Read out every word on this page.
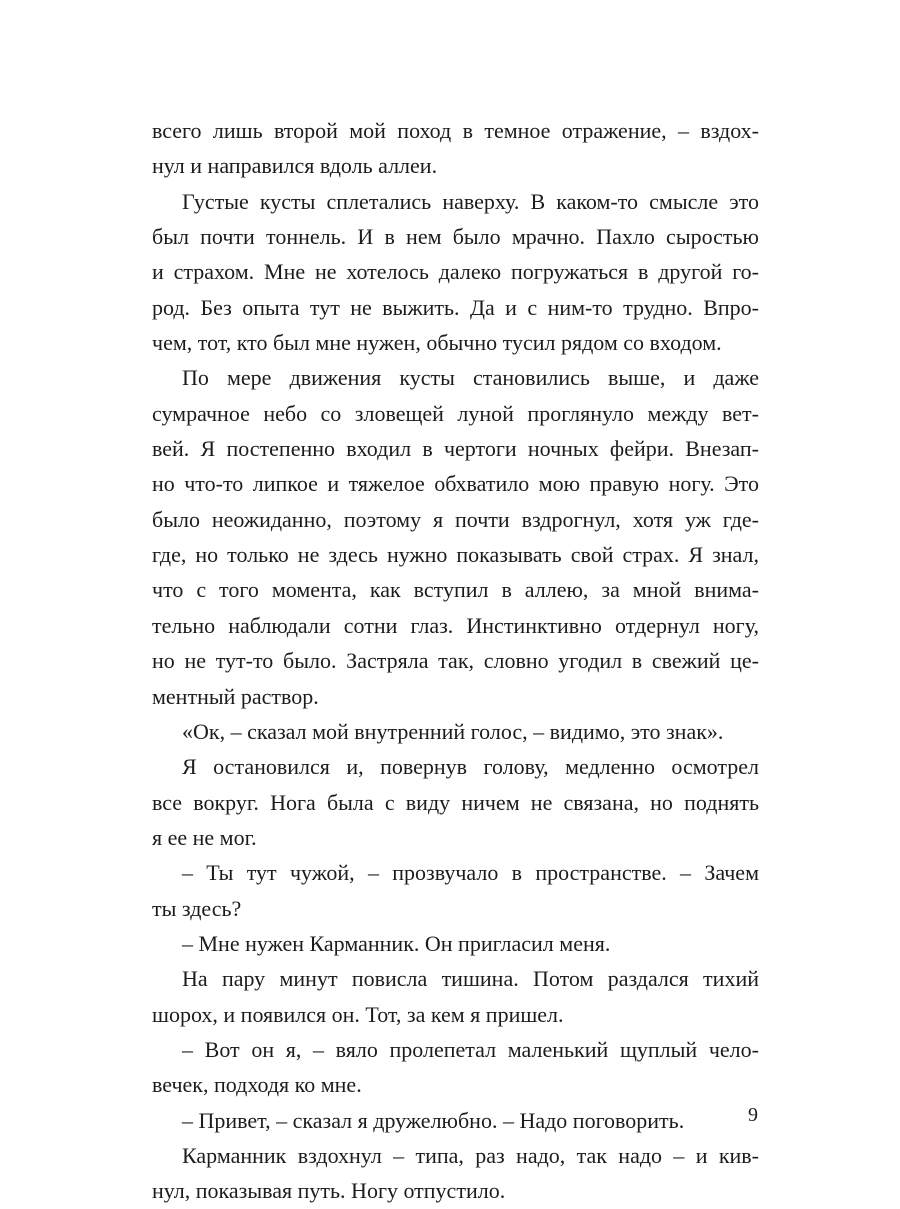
всего лишь второй мой поход в темное отражение, – вздох-
нул и направился вдоль аллеи.
Густые кусты сплетались наверху. В каком-то смысле это
был почти тоннель. И в нем было мрачно. Пахло сыростью
и страхом. Мне не хотелось далеко погружаться в другой го-
род. Без опыта тут не выжить. Да и с ним-то трудно. Впро-
чем, тот, кто был мне нужен, обычно тусил рядом со входом.
По мере движения кусты становились выше, и даже
сумрачное небо со зловещей луной проглянуло между вет-
вей. Я постепенно входил в чертоги ночных фейри. Внезап-
но что-то липкое и тяжелое обхватило мою правую ногу. Это
было неожиданно, поэтому я почти вздрогнул, хотя уж где-
где, но только не здесь нужно показывать свой страх. Я знал,
что с того момента, как вступил в аллею, за мной внима-
тельно наблюдали сотни глаз. Инстинктивно отдернул ногу,
но не тут-то было. Застряла так, словно угодил в свежий це-
ментный раствор.
«Ок, – сказал мой внутренний голос, – видимо, это знак».
Я остановился и, повернув голову, медленно осмотрел
все вокруг. Нога была с виду ничем не связана, но поднять
я ее не мог.
– Ты тут чужой, – прозвучало в пространстве. – Зачем
ты здесь?
– Мне нужен Карманник. Он пригласил меня.
На пару минут повисла тишина. Потом раздался тихий
шорох, и появился он. Тот, за кем я пришел.
– Вот он я, – вяло пролепетал маленький щуплый чело-
вечек, подходя ко мне.
– Привет, – сказал я дружелюбно. – Надо поговорить.
Карманник вздохнул – типа, раз надо, так надо – и кив-
нул, показывая путь. Ногу отпустило.
9
